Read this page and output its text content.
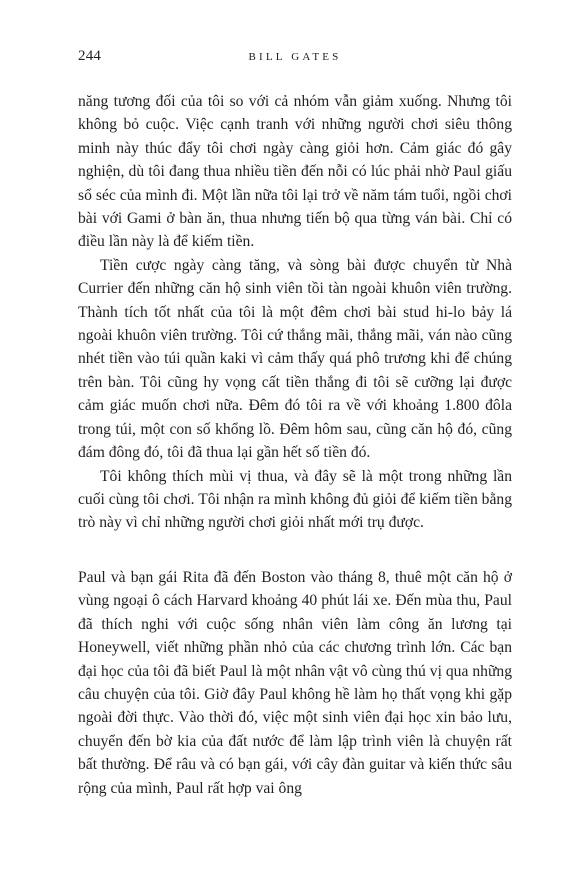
244	BILL GATES

năng tương đối của tôi so với cả nhóm vẫn giảm xuống. Nhưng tôi không bỏ cuộc. Việc cạnh tranh với những người chơi siêu thông minh này thúc đẩy tôi chơi ngày càng giỏi hơn. Cảm giác đó gây nghiện, dù tôi đang thua nhiều tiền đến nỗi có lúc phải nhờ Paul giấu sổ séc của mình đi. Một lần nữa tôi lại trở về năm tám tuổi, ngồi chơi bài với Gami ở bàn ăn, thua nhưng tiến bộ qua từng ván bài. Chỉ có điều lần này là để kiếm tiền.

Tiền cược ngày càng tăng, và sòng bài được chuyển từ Nhà Currier đến những căn hộ sinh viên tồi tàn ngoài khuôn viên trường. Thành tích tốt nhất của tôi là một đêm chơi bài stud hi-lo bảy lá ngoài khuôn viên trường. Tôi cứ thắng mãi, thắng mãi, ván nào cũng nhét tiền vào túi quần kaki vì cảm thấy quá phô trương khi để chúng trên bàn. Tôi cũng hy vọng cất tiền thắng đi tôi sẽ cưỡng lại được cảm giác muốn chơi nữa. Đêm đó tôi ra về với khoảng 1.800 đôla trong túi, một con số khổng lồ. Đêm hôm sau, cũng căn hộ đó, cũng đám đông đó, tôi đã thua lại gần hết số tiền đó.

Tôi không thích mùi vị thua, và đây sẽ là một trong những lần cuối cùng tôi chơi. Tôi nhận ra mình không đủ giỏi để kiếm tiền bằng trò này vì chỉ những người chơi giỏi nhất mới trụ được.

Paul và bạn gái Rita đã đến Boston vào tháng 8, thuê một căn hộ ở vùng ngoại ô cách Harvard khoảng 40 phút lái xe. Đến mùa thu, Paul đã thích nghi với cuộc sống nhân viên làm công ăn lương tại Honeywell, viết những phần nhỏ của các chương trình lớn. Các bạn đại học của tôi đã biết Paul là một nhân vật vô cùng thú vị qua những câu chuyện của tôi. Giờ đây Paul không hề làm họ thất vọng khi gặp ngoài đời thực. Vào thời đó, việc một sinh viên đại học xin bảo lưu, chuyển đến bờ kia của đất nước để làm lập trình viên là chuyện rất bất thường. Để râu và có bạn gái, với cây đàn guitar và kiến thức sâu rộng của mình, Paul rất hợp vai ông
